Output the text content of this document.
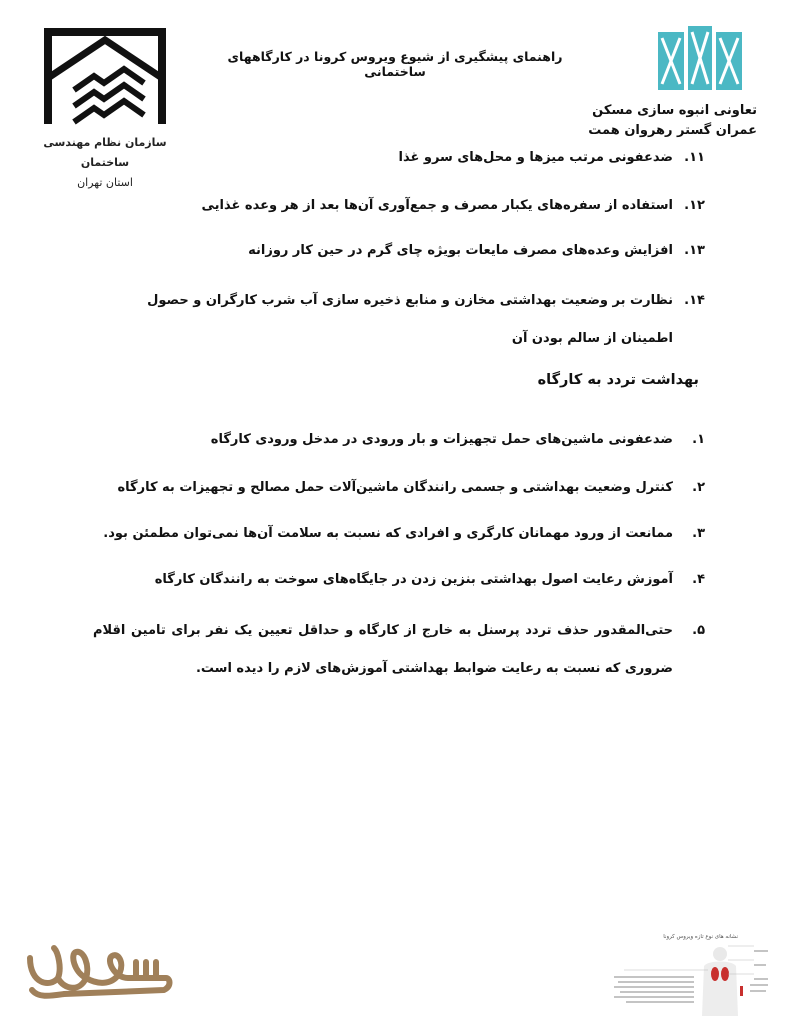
سازمان نظام مهندسی ساختمان
استان تهران
راهنمای پیشگیری از شیوع ویروس کرونا در کارگاههای ساختمانی
تعاونی انبوه سازی مسکن
عمران گستر رهروان همت
۱۱.
ضدعفونی مرتب میزها و محل‌های سرو غذا
۱۲.
استفاده از سفره‌های یکبار مصرف و جمع‌آوری آن‌ها بعد از هر وعده غذایی
۱۳.
افزایش وعده‌های مصرف مایعات بویژه چای گرم در حین کار روزانه
۱۴.
نظارت بر وضعیت بهداشتی مخازن و منابع ذخیره سازی آب شرب کارگران و حصول اطمینان از سالم بودن آن
بهداشت تردد به کارگاه
۱.
ضدعفونی ماشین‌های حمل تجهیزات و بار ورودی در مدخل ورودی کارگاه
۲.
کنترل وضعیت بهداشتی و جسمی رانندگان ماشین‌آلات حمل مصالح و تجهیزات به کارگاه
۳.
ممانعت از ورود مهمانان کارگری و افرادی که نسبت به سلامت آن‌ها نمی‌توان مطمئن بود.
۴.
آموزش رعایت اصول بهداشتی بنزین زدن در جایگاه‌های سوخت به رانندگان کارگاه
۵.
حتی‌المقدور حذف تردد پرسنل به خارج از کارگاه و حداقل تعیین یک نفر برای تامین اقلام ضروری که نسبت به رعایت ضوابط بهداشتی آموزش‌های لازم را دیده است.
نشانه های نوع تازه ویروس کرونا
